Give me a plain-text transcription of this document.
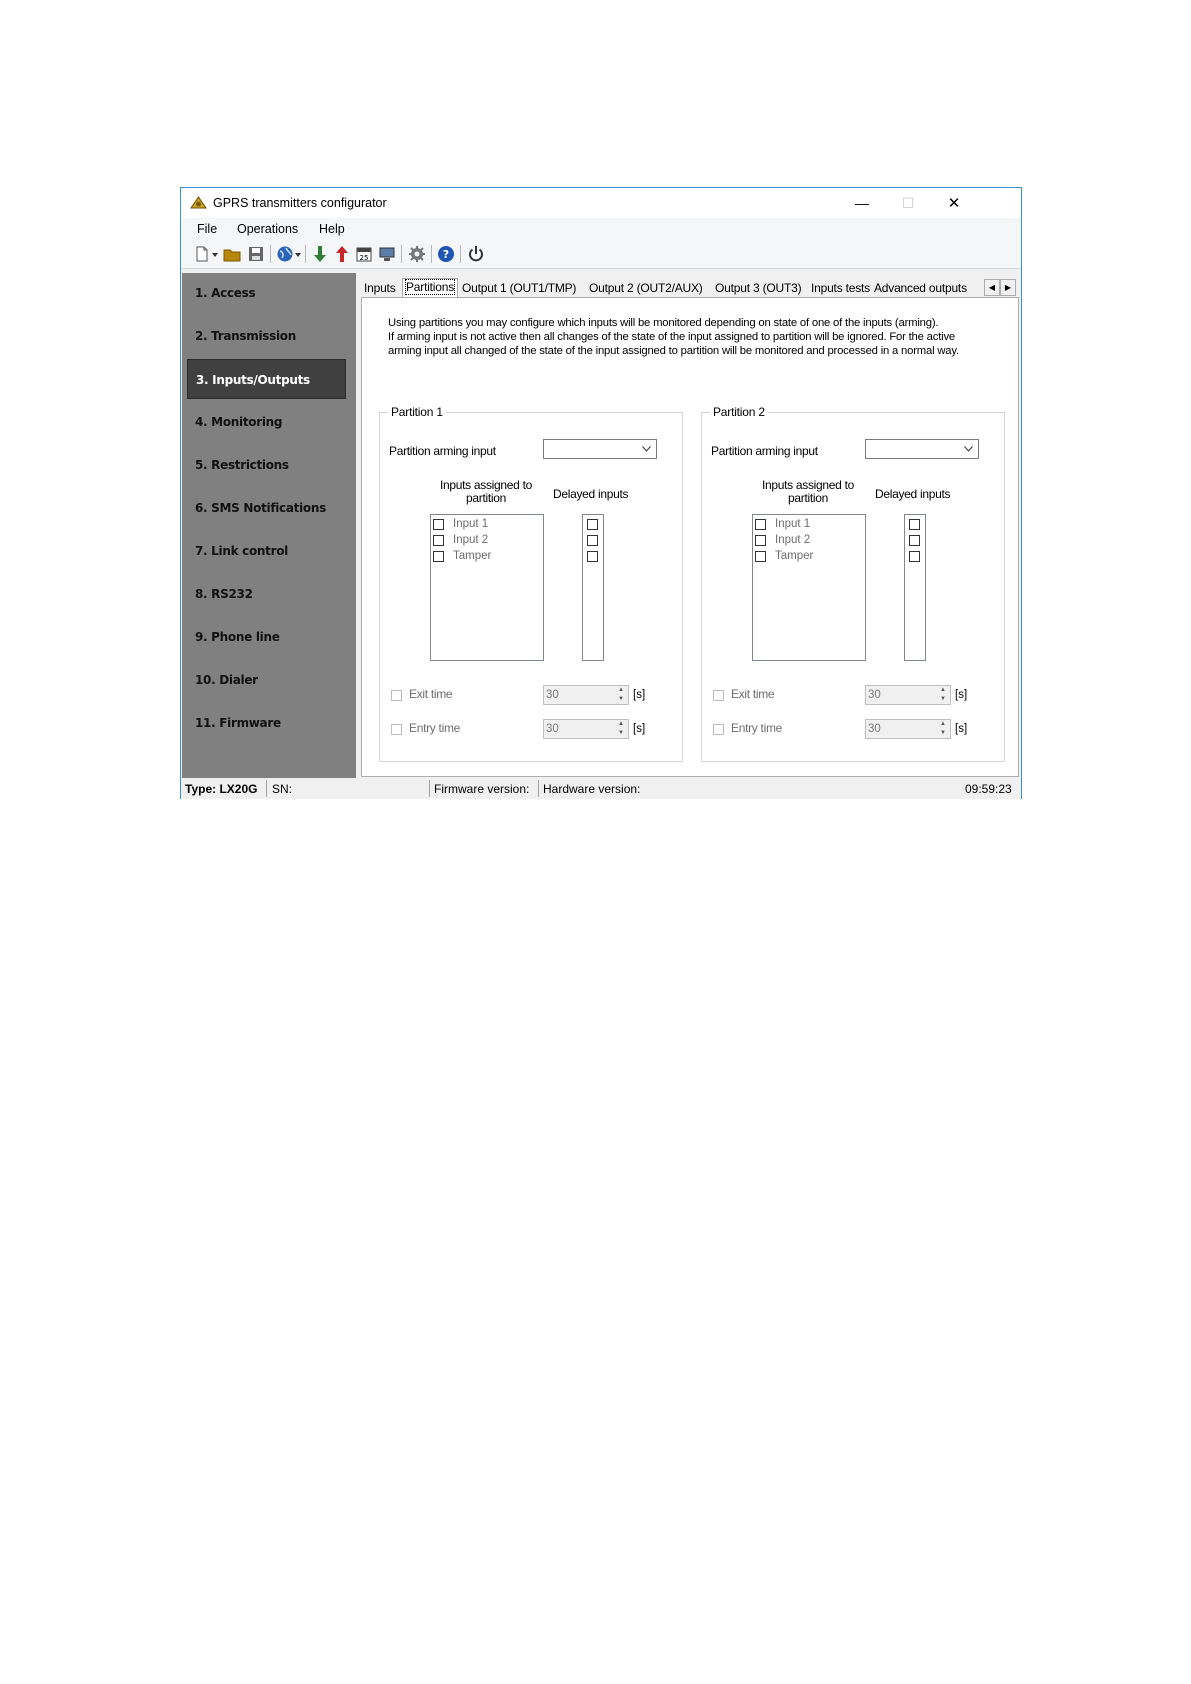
GPRS transmitters configurator	—	☐	✕
File Operations Help
25	?
1. Access
2. Transmission
3. Inputs/Outputs
4. Monitoring
5. Restrictions
6. SMS Notifications
7. Link control
8. RS232
9. Phone line
10. Dialer
11. Firmware
Inputs Partitions Output 1 (OUT1/TMP) Output 2 (OUT2/AUX) Output 3 (OUT3) Inputs tests Advanced outputs	◀	▶
Using partitions you may configure which inputs will be monitored depending on state of one of the inputs (arming).
If arming input is not active then all changes of the state of the input assigned to partition will be ignored. For the active
arming input all changed of the state of the input assigned to partition will be monitored and processed in a normal way.
Partition 1
Partition arming input
Inputs assigned to partition	Delayed inputs
Input 1
Input 2
Tamper
Exit time	30	▲
▼ [s]
Entry time	30	▲
▼ [s]
Partition 2
Partition arming input
Inputs assigned to partition	Delayed inputs
Input 1
Input 2
Tamper
Exit time	30	▲
▼ [s]
Entry time	30	▲
▼ [s]
Type: LX20G SN:	Firmware version: Hardware version:	09:59:23
